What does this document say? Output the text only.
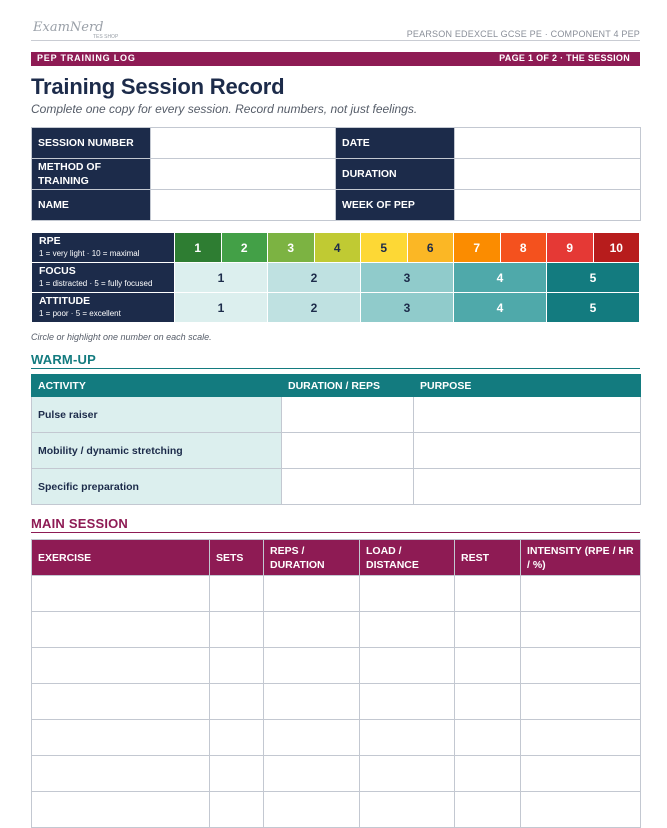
ExamNerd
TES SHOP	PEARSON EDEXCEL GCSE PE · COMPONENT 4 PEP
PEP TRAINING LOG	PAGE 1 OF 2 · THE SESSION
Training Session Record
Complete one copy for every session. Record numbers, not just feelings.
SESSION NUMBER		DATE	
METHOD OF TRAINING		DURATION	
NAME		WEEK OF PEP	
RPE
1 = very light · 10 = maximal	1	2	3	4	5	6	7	8	9	10

FOCUS
1 = distracted · 5 = fully focused	1		2		3		4		5	

ATTITUDE
1 = poor · 5 = excellent	1		2		3		4		5	
Circle or highlight one number on each scale.
WARM-UP
ACTIVITY	DURATION / REPS	PURPOSE
Pulse raiser		
Mobility / dynamic stretching		
Specific preparation		
MAIN SESSION
EXERCISE	SETS	REPS / DURATION	LOAD / DISTANCE	REST	INTENSITY (RPE / HR / %)
